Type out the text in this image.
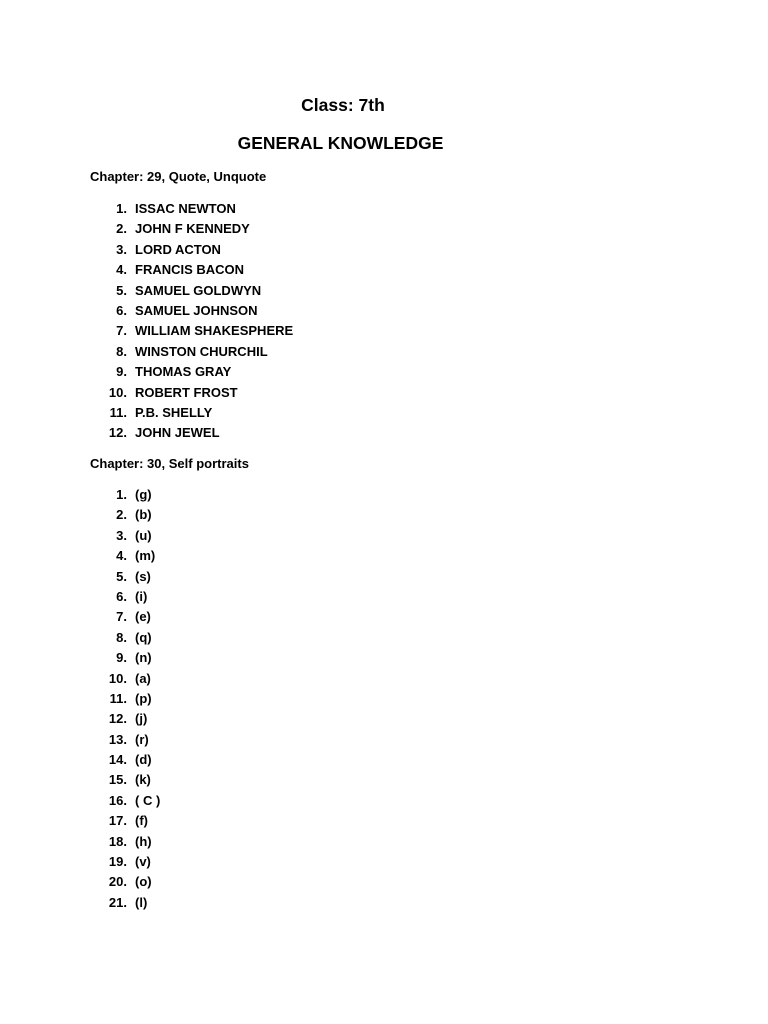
Class: 7th
GENERAL KNOWLEDGE
Chapter: 29, Quote, Unquote
1. ISSAC NEWTON
2. JOHN F KENNEDY
3. LORD ACTON
4. FRANCIS BACON
5. SAMUEL GOLDWYN
6. SAMUEL JOHNSON
7. WILLIAM SHAKESPHERE
8. WINSTON CHURCHIL
9. THOMAS GRAY
10. ROBERT FROST
11. P.B. SHELLY
12. JOHN JEWEL
Chapter: 30, Self portraits
1. (g)
2. (b)
3. (u)
4. (m)
5. (s)
6. (i)
7. (e)
8. (q)
9. (n)
10. (a)
11. (p)
12. (j)
13. (r)
14. (d)
15. (k)
16. ( C )
17. (f)
18. (h)
19. (v)
20. (o)
21. (l)
